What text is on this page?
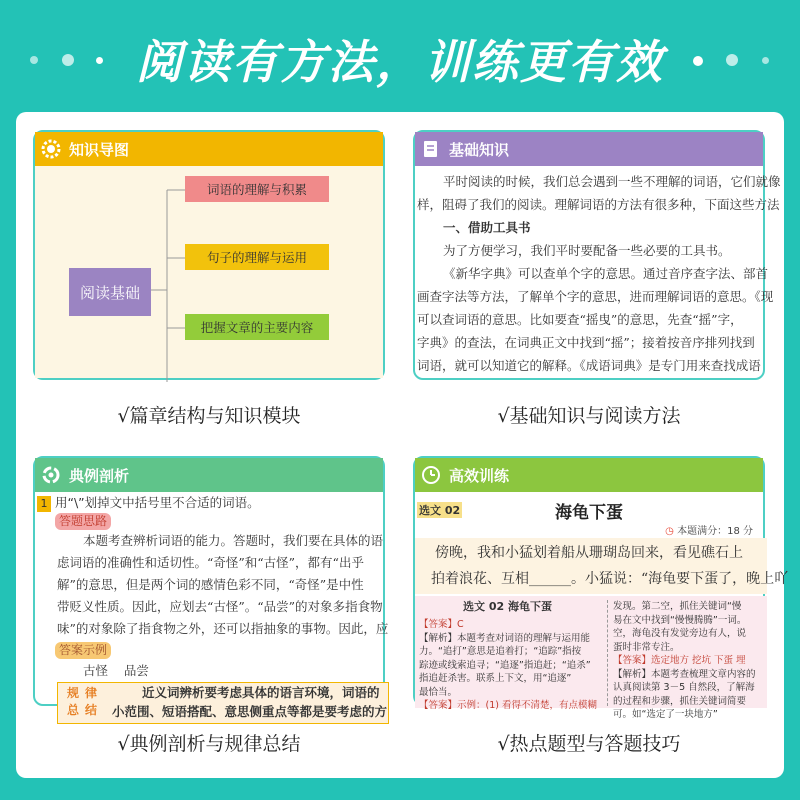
阅读有方法，训练更有效
知识导图
阅读基础
词语的理解与积累
句子的理解与运用
把握文章的主要内容
√篇章结构与知识模块
基础知识
平时阅读的时候，我们总会遇到一些不理解的词语，它们就像
样，阻碍了我们的阅读。理解词语的方法有很多种，下面这些方法
一、借助工具书
为了方便学习，我们平时要配备一些必要的工具书。
《新华字典》可以查单个字的意思。通过音序查字法、部首
画查字法等方法，了解单个字的意思，进而理解词语的意思。《现
可以查词语的意思。比如要查“摇曳”的意思，先查“摇”字，
字典》的查法，在词典正文中找到“摇”；接着按音序排列找到
词语，就可以知道它的解释。《成语词典》是专门用来查找成语
√基础知识与阅读方法
典例剖析
1 用“\”划掉文中括号里不合适的词语。
答题思路
本题考查辨析词语的能力。答题时，我们要在具体的语
虑词语的准确性和适切性。“奇怪”和“古怪”，都有“出乎
解”的意思，但是两个词的感情色彩不同，“奇怪”是中性
带贬义性质。因此，应划去“古怪”。“品尝”的对象多指食物
味”的对象除了指食物之外，还可以指抽象的事物。因此，应
答案示例
古怪    品尝
规 律
总 结
近义词辨析要考虑具体的语言环境，词语的
小范围、短语搭配、意思侧重点等都是要考虑的方
√典例剖析与规律总结
高效训练
选文 02	海龟下蛋
◷ 本题满分：18 分
傍晚，我和小猛划着船从珊瑚岛回来，看见礁石上
拍着浪花、互相______。小猛说：“海龟要下蛋了，晚上吖
选文 02 海龟下蛋
【答案】C
【解析】本题考查对词语的理解与运用能
力。“追打”意思是追着打；“追踪”指按
踪迹或线索追寻；“追逐”指追赶；“追杀”
指追赶杀害。联系上下文，用“追逐”
最恰当。
【答案】示例：(1) 看得不清楚，有点模糊
发现。第二空，抓住关键词“慢
易在文中找到“慢慢腾腾”一词。
空，海龟没有发觉旁边有人，说
蛋时非常专注。
【答案】选定地方 挖坑 下蛋 埋
【解析】本题考查梳理文章内容的
认真阅读第 3－5 自然段，了解海
的过程和步骤，抓住关键词简要
可。如“选定了一块地方”
√热点题型与答题技巧
